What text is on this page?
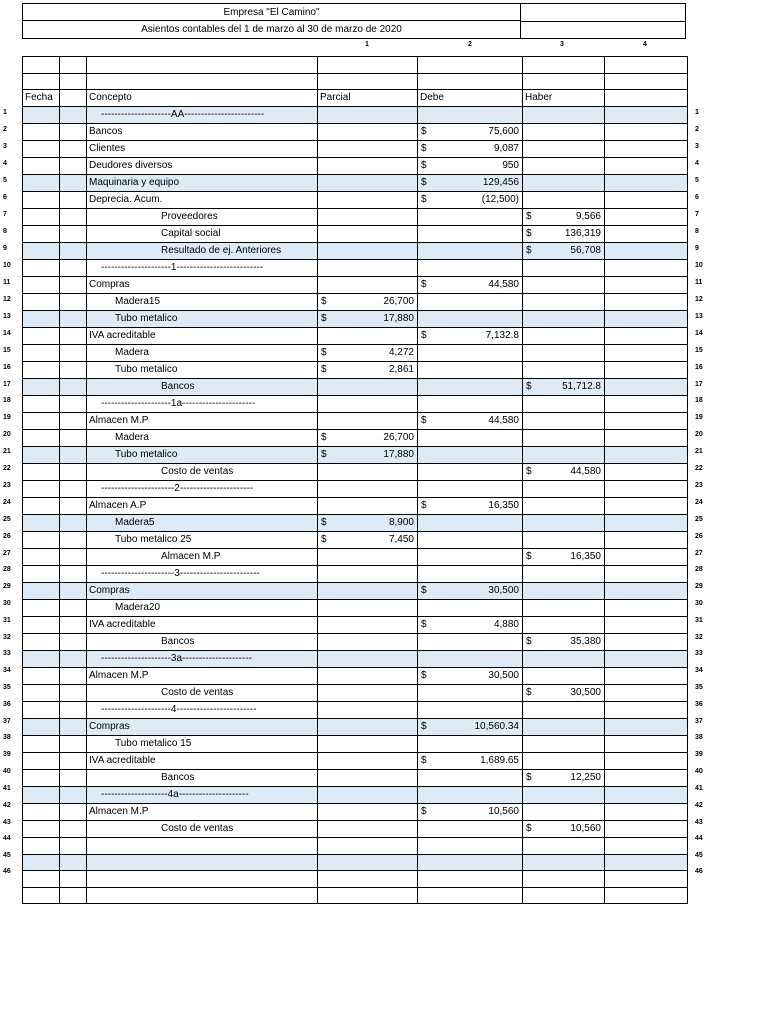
Empresa "El Camino"
Asientos contables del 1 de marzo al 30 de marzo de 2020
1	2	3	4

Fecha		Concepto	Parcial	Debe	Haber	
		---------------------AA------------------------				
		Bancos		$ 75,600		
		Clientes		$ 9,087		
		Deudores diversos		$ 950		
		Maquinaria y equipo		$ 129,456		
		Deprecia. Acum.		$ (12,500)		
		Proveedores			$ 9,566	
		Capital social			$ 136,319	
		Resultado de ej. Anteriores			$ 56,708	
		---------------------1--------------------------				
		Compras		$ 44,580		
		Madera15	$ 26,700			
		Tubo metalico	$ 17,880			
		IVA acreditable		$ 7,132.8		
		Madera	$ 4,272			
		Tubo metalico	$ 2,861			
		Bancos			$ 51,712.8	
		---------------------1a----------------------				
		Almacen M.P		$ 44,580		
		Madera	$ 26,700			
		Tubo metalico	$ 17,880			
		Costo de ventas			$ 44,580	
		----------------------2----------------------				
		Almacen A.P		$ 16,350		
		Madera5	$ 8,900			
		Tubo metalico 25	$ 7,450			
		Almacen M.P			$ 16,350	
		----------------------3------------------------				
		Compras		$ 30,500		
		Madera20				
		IVA acreditable		$ 4,880		
		Bancos			$ 35,380	
		---------------------3a---------------------				
		Almacen M.P		$ 30,500		
		Costo de ventas			$ 30,500	
		---------------------4------------------------				
		Compras		$ 10,560.34		
		Tubo metalico 15				
		IVA acreditable		$ 1,689.65		
		Bancos			$ 12,250	
		--------------------4a---------------------				
		Almacen M.P		$ 10,560		
		Costo de ventas			$ 10,560	

1	1
2	2
3	3
4	4
5	5
6	6
7	7
8	8
9	9
10	10
11	11
12	12
13	13
14	14
15	15
16	16
17	17
18	18
19	19
20	20
21	21
22	22
23	23
24	24
25	25
26	26
27	27
28	28
29	29
30	30
31	31
32	32
33	33
34	34
35	35
36	36
37	37
38	38
39	39
40	40
41	41
42	42
43	43
44	44
45	45
46	46
